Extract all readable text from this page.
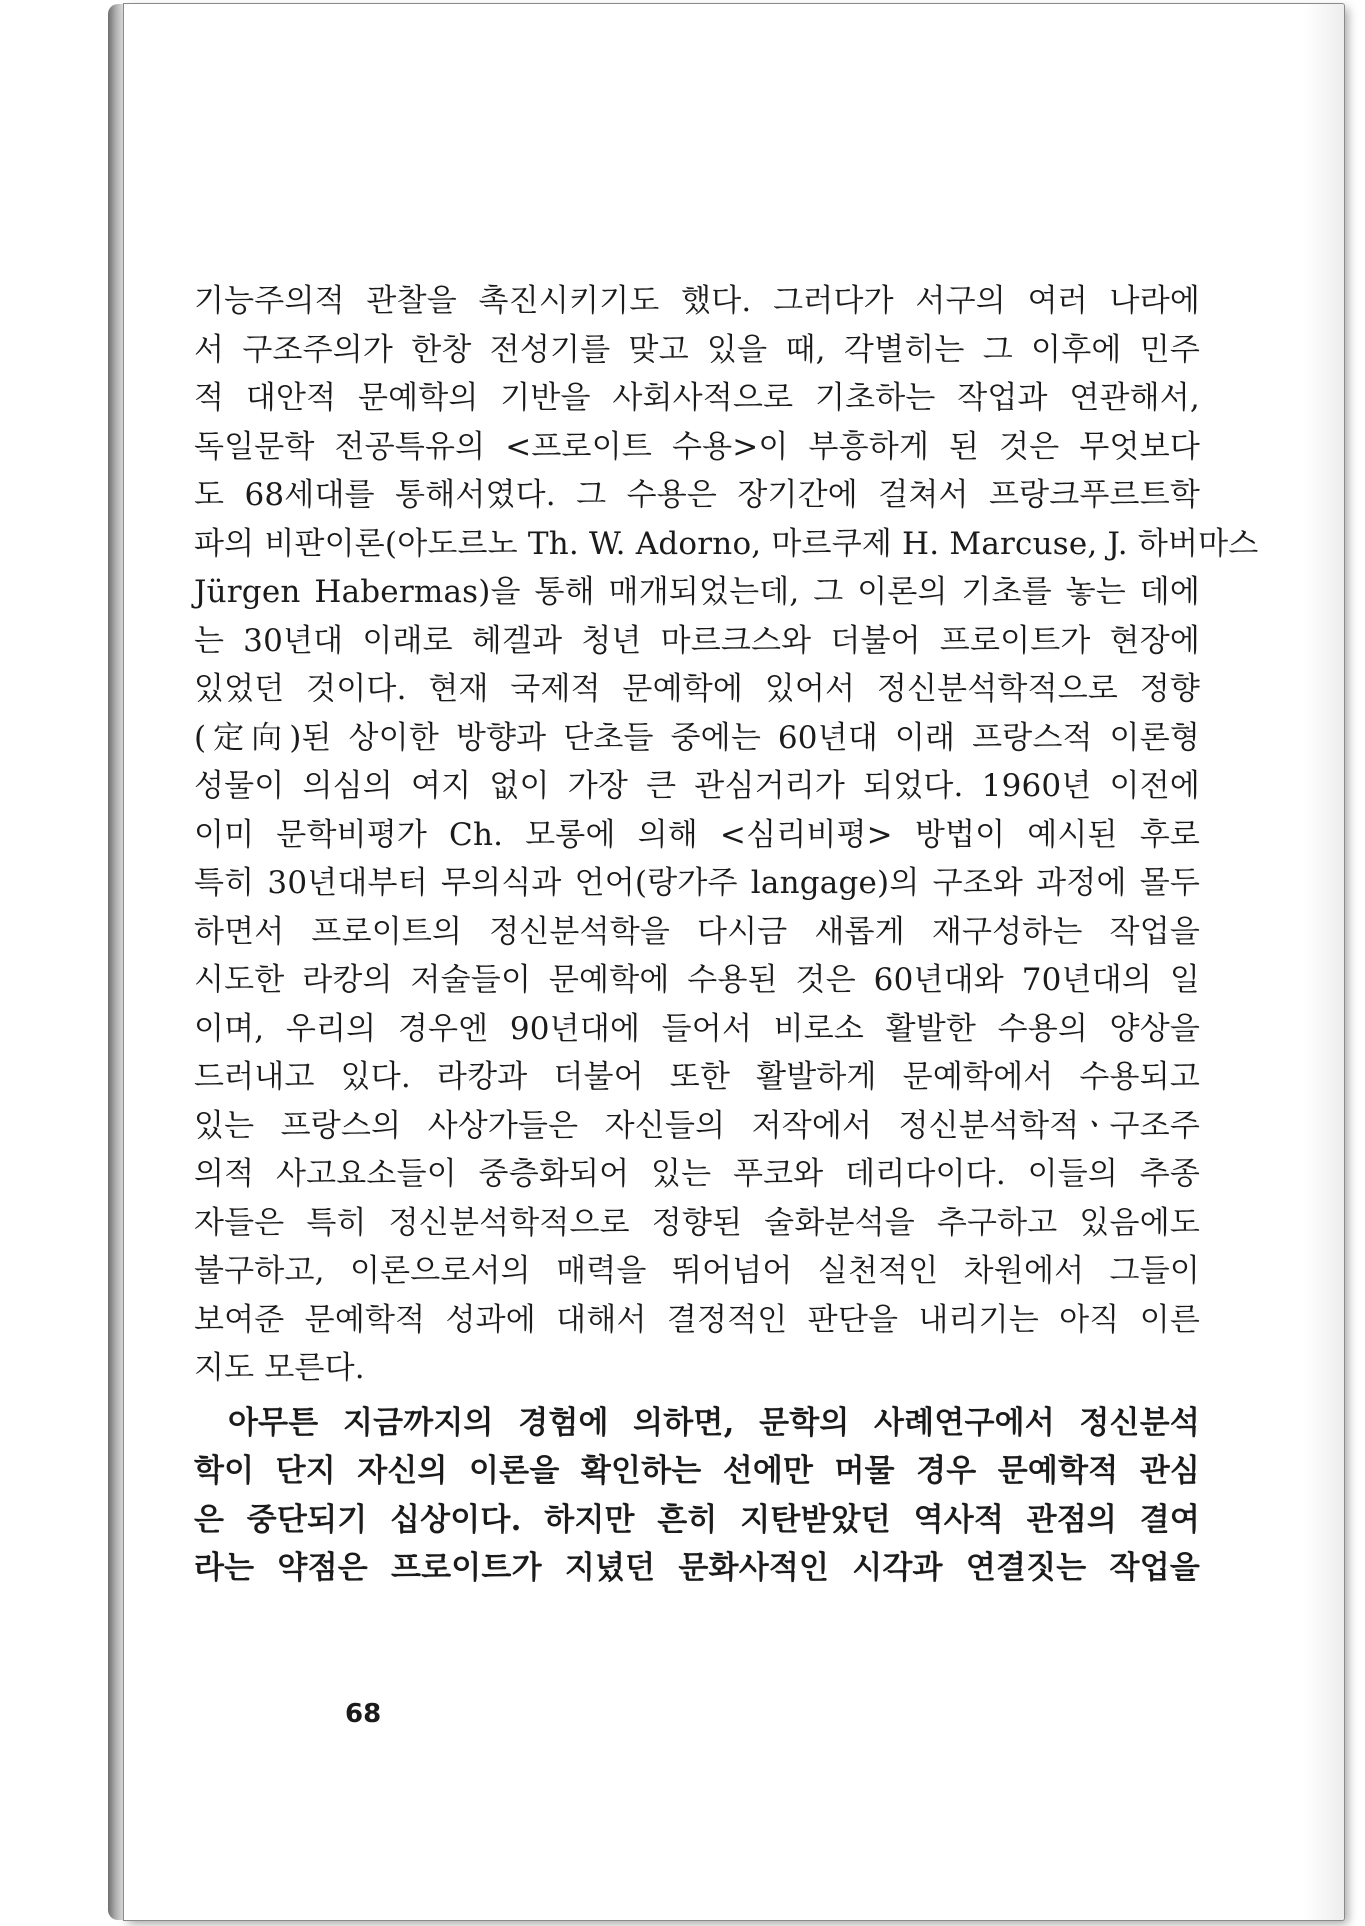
기능주의적 관찰을 촉진시키기도 했다. 그러다가 서구의 여러 나라에
서 구조주의가 한창 전성기를 맞고 있을 때, 각별히는 그 이후에 민주
적 대안적 문예학의 기반을 사회사적으로 기초하는 작업과 연관해서,
독일문학 전공특유의 <프로이트 수용>이 부흥하게 된 것은 무엇보다
도 68세대를 통해서였다. 그 수용은 장기간에 걸쳐서 프랑크푸르트학
파의 비판이론(아도르노 Th. W. Adorno, 마르쿠제 H. Marcuse, J. 하버마스
Jürgen Habermas)을 통해 매개되었는데, 그 이론의 기초를 놓는 데에
는 30년대 이래로 헤겔과 청년 마르크스와 더불어 프로이트가 현장에
있었던 것이다. 현재 국제적 문예학에 있어서 정신분석학적으로 정향
(定向)된 상이한 방향과 단초들 중에는 60년대 이래 프랑스적 이론형
성물이 의심의 여지 없이 가장 큰 관심거리가 되었다. 1960년 이전에
이미 문학비평가 Ch. 모롱에 의해 <심리비평> 방법이 예시된 후로
특히 30년대부터 무의식과 언어(랑가주 langage)의 구조와 과정에 몰두
하면서 프로이트의 정신분석학을 다시금 새롭게 재구성하는 작업을
시도한 라캉의 저술들이 문예학에 수용된 것은 60년대와 70년대의 일
이며, 우리의 경우엔 90년대에 들어서 비로소 활발한 수용의 양상을
드러내고 있다. 라캉과 더불어 또한 활발하게 문예학에서 수용되고
있는 프랑스의 사상가들은 자신들의 저작에서 정신분석학적ㆍ구조주
의적 사고요소들이 중층화되어 있는 푸코와 데리다이다. 이들의 추종
자들은 특히 정신분석학적으로 정향된 술화분석을 추구하고 있음에도
불구하고, 이론으로서의 매력을 뛰어넘어 실천적인 차원에서 그들이
보여준 문예학적 성과에 대해서 결정적인 판단을 내리기는 아직 이른
지도 모른다.
아무튼 지금까지의 경험에 의하면, 문학의 사례연구에서 정신분석
학이 단지 자신의 이론을 확인하는 선에만 머물 경우 문예학적 관심
은 중단되기 십상이다. 하지만 흔히 지탄받았던 역사적 관점의 결여
라는 약점은 프로이트가 지녔던 문화사적인 시각과 연결짓는 작업을
68
